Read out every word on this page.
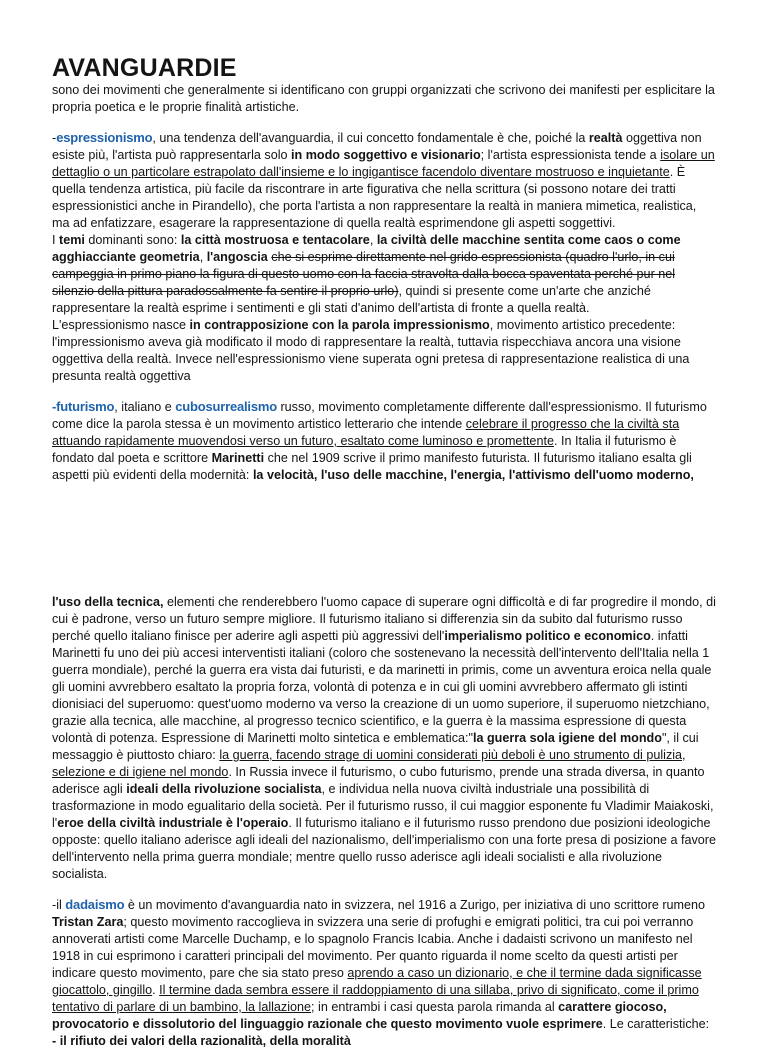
AVANGUARDIE

sono dei movimenti che generalmente si identificano con gruppi organizzati che scrivono dei manifesti per esplicitare la propria poetica e le proprie finalità artistiche.

-espressionismo, una tendenza dell'avanguardia, il cui concetto fondamentale è che, poiché la realtà oggettiva non esiste più, l'artista può rappresentarla solo in modo soggettivo e visionario; l'artista espressionista tende a isolare un dettaglio o un particolare estrapolato dall'insieme e lo ingigantisce facendolo diventare mostruoso e inquietante. È quella tendenza artistica, più facile da riscontrare in arte figurativa che nella scrittura (si possono notare dei tratti espressionistici anche in Pirandello), che porta l'artista a non rappresentare la realtà in maniera mimetica, realistica, ma ad enfatizzare, esagerare la rappresentazione di quella realtà esprimendone gli aspetti soggettivi.

I temi dominanti sono: la città mostruosa e tentacolare, la civiltà delle macchine sentita come caos o come agghiacciante geometria, l'angoscia che si esprime direttamente nel grido espressionista (quadro l'urlo, in cui campeggia in primo piano la figura di questo uomo con la faccia stravolta dalla bocca spaventata perché pur nel silenzio della pittura paradossalmente fa sentire il proprio urlo), quindi si presente come un'arte che anziché rappresentare la realtà esprime i sentimenti e gli stati d'animo dell'artista di fronte a quella realtà.

L'espressionismo nasce in contrapposizione con la parola impressionismo, movimento artistico precedente: l'impressionismo aveva già modificato il modo di rappresentare la realtà, tuttavia rispecchiava ancora una visione oggettiva della realtà. Invece nell'espressionismo viene superata ogni pretesa di rappresentazione realistica di una presunta realtà oggettiva

-futurismo, italiano e cubosurrealismo russo, movimento completamente differente dall'espressionismo. Il futurismo come dice la parola stessa è un movimento artistico letterario che intende celebrare il progresso che la civiltà sta attuando rapidamente muovendosi verso un futuro, esaltato come luminoso e promettente. In Italia il futurismo è fondato dal poeta e scrittore Marinetti che nel 1909 scrive il primo manifesto futurista. Il futurismo italiano esalta gli aspetti più evidenti della modernità: la velocità, l'uso delle macchine, l'energia, l'attivismo dell'uomo moderno,

l'uso della tecnica, elementi che renderebbero l'uomo capace di superare ogni difficoltà e di far progredire il mondo, di cui è padrone, verso un futuro sempre migliore. Il futurismo italiano si differenzia sin da subito dal futurismo russo perché quello italiano finisce per aderire agli aspetti più aggressivi dell'imperialismo politico e economico. infatti Marinetti fu uno dei più accesi interventisti italiani (coloro che sostenevano la necessità dell'intervento dell'Italia nella 1 guerra mondiale), perché la guerra era vista dai futuristi, e da marinetti in primis, come un avventura eroica nella quale gli uomini avvrebbero esaltato la propria forza, volontà di potenza e in cui gli uomini avvrebbero affermato gli istinti dionisiaci del superuomo: quest'uomo moderno va verso la creazione di un uomo superiore, il superuomo nietzchiano, grazie alla tecnica, alle macchine, al progresso tecnico scientifico, e la guerra è la massima espressione di questa volontà di potenza. Espressione di Marinetti molto sintetica e emblematica:"la guerra sola igiene del mondo", il cui messaggio è piuttosto chiaro: la guerra, facendo strage di uomini considerati più deboli è uno strumento di pulizia, selezione e di igiene nel mondo. In Russia invece il futurismo, o cubo futurismo, prende una strada diversa, in quanto aderisce agli ideali della rivoluzione socialista, e individua nella nuova civiltà industriale una possibilità di trasformazione in modo egualitario della società. Per il futurismo russo, il cui maggior esponente fu Vladimir Maiakoski, l'eroe della civiltà industriale è l'operaio. Il futurismo italiano e il futurismo russo prendono due posizioni ideologiche opposte: quello italiano aderisce agli ideali del nazionalismo, dell'imperialismo con una forte presa di posizione a favore dell'intervento nella prima guerra mondiale; mentre quello russo aderisce agli ideali socialisti e alla rivoluzione socialista.

-il dadaismo è un movimento d'avanguardia nato in svizzera, nel 1916 a Zurigo, per iniziativa di uno scrittore rumeno Tristan Zara; questo movimento raccoglieva in svizzera una serie di profughi e emigrati politici, tra cui poi verranno annoverati artisti come Marcelle Duchamp, e lo spagnolo Francis Icabia. Anche i dadaisti scrivono un manifesto nel 1918 in cui esprimono i caratteri principali del movimento. Per quanto riguarda il nome scelto da questi artisti per indicare questo movimento, pare che sia stato preso aprendo a caso un dizionario, e che il termine dada significasse giocattolo, gingillo. Il termine dada sembra essere il raddoppiamento di una sillaba, privo di significato, come il primo tentativo di parlare di un bambino, la lallazione; in entrambi i casi questa parola rimanda al carattere giocoso, provocatorio e dissolutorio del linguaggio razionale che questo movimento vuole esprimere. Le caratteristiche:

- il rifiuto dei valori della razionalità, della moralità
